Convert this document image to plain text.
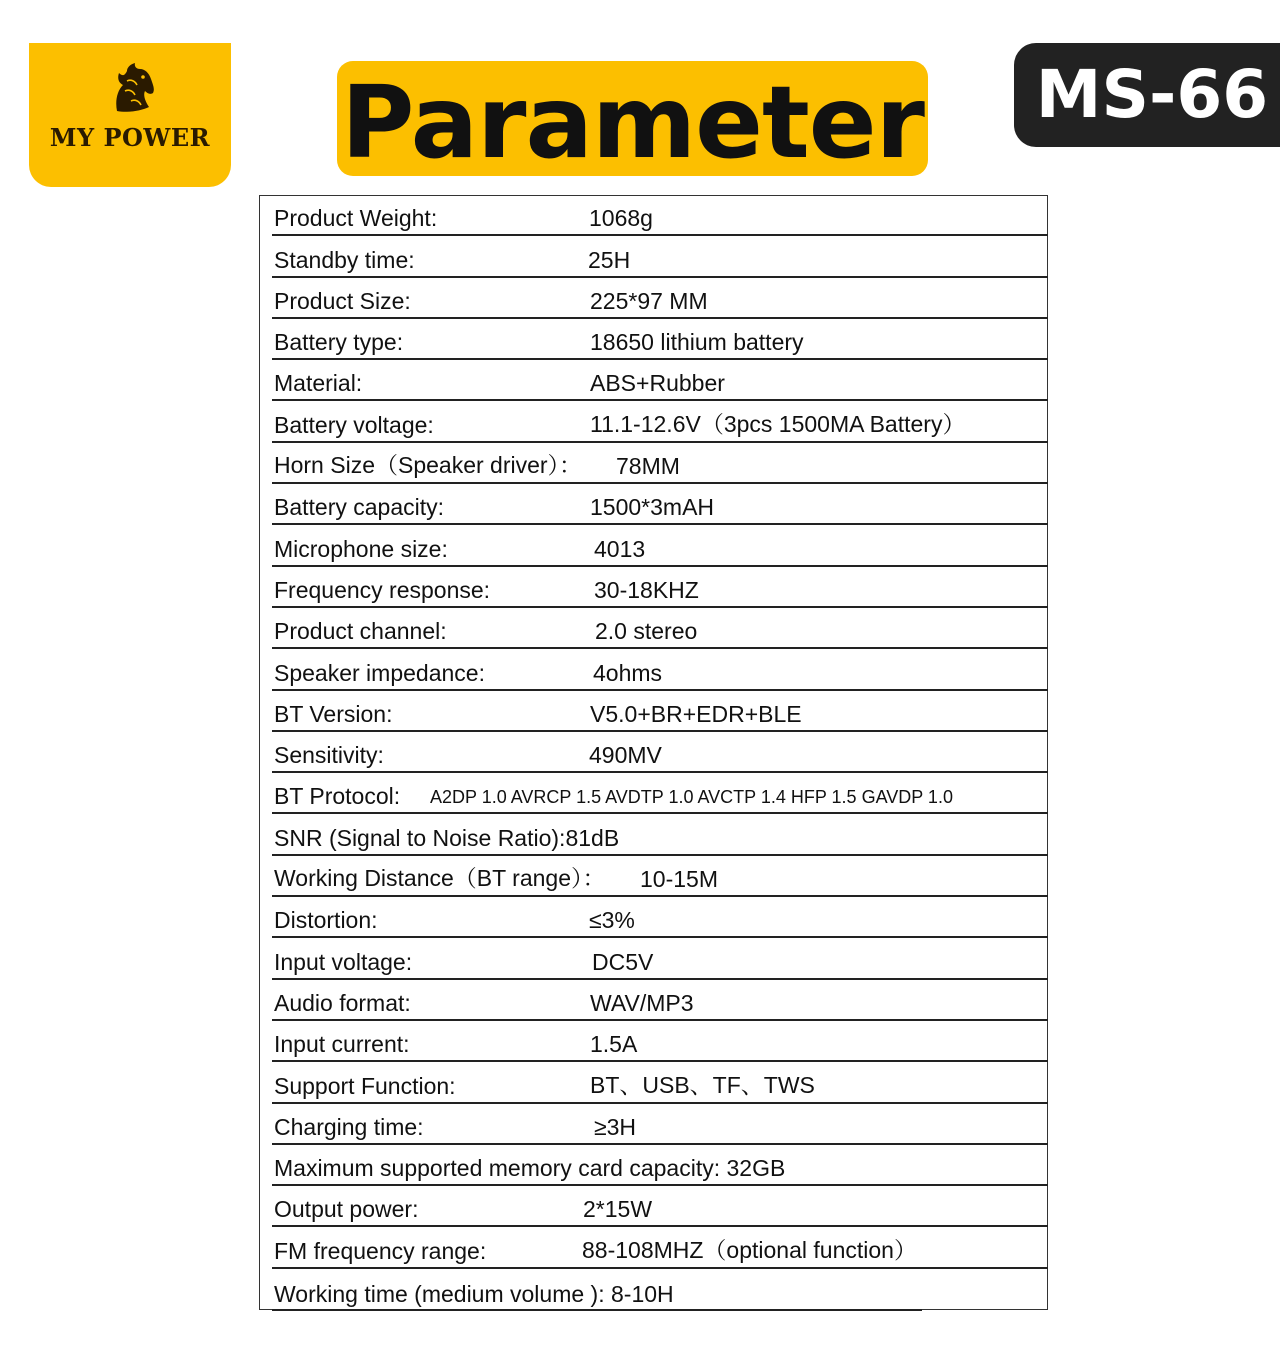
MY POWER Parameter MS-66
Product Weight:	1068g
Standby time:	25H
Product Size:	225*97 MM
Battery type:	18650 lithium battery
Material:	ABS+Rubber
Battery voltage:	11.1-12.6V（3pcs 1500MA Battery）
Horn Size（Speaker driver）： 78MM
Battery capacity:	1500*3mAH
Microphone size:	4013
Frequency response:	30-18KHZ
Product channel:	2.0 stereo
Speaker impedance:	4ohms
BT Version:	V5.0+BR+EDR+BLE
Sensitivity:	490MV
BT Protocol: A2DP 1.0 AVRCP 1.5 AVDTP 1.0 AVCTP 1.4 HFP 1.5 GAVDP 1.0
SNR (Signal to Noise Ratio):81dB
Working Distance（BT range）： 10-15M
Distortion:	≤3%
Input voltage:	DC5V
Audio format:	WAV/MP3
Input current:	1.5A
Support Function:	BT、USB、TF、TWS
Charging time:	≥3H
Maximum supported memory card capacity: 32GB
Output power:	2*15W
FM frequency range:	88-108MHZ（optional function）
Working time (medium volume ): 8-10H
